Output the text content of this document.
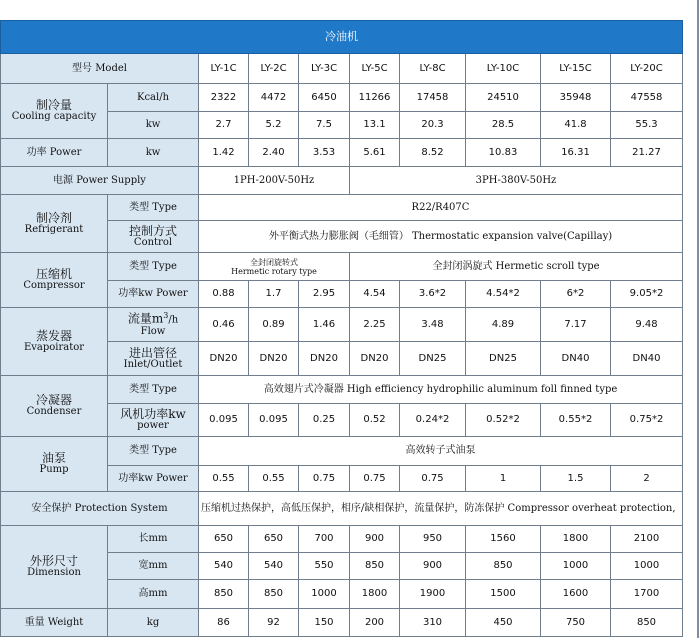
冷油机									
型号 Model		LY-1C	LY-2C	LY-3C	LY-5C	LY-8C	LY-10C	LY-15C	LY-20C

制冷量
Cooling capacity	Kcal/h	2322	4472	6450	11266	17458	24510	35948	47558
	kw	2.7	5.2	7.5	13.1	20.3	28.5	41.8	55.3
功率 Power	kw	1.42	2.40	3.53	5.61	8.52	10.83	16.31	21.27
电源 Power Supply		1PH-200V-50Hz			3PH-380V-50Hz				

制冷剂
Refrigerant	类型 Type	R22/R407C							

	控制方式
Control	外平衡式热力膨胀阀（毛细管） Thermostatic expansion valve(Capillay)							

压缩机
Compressor	类型 Type	全封闭旋转式
Hermetic rotary type			全封闭涡旋式 Hermetic scroll type				
	功率kw Power	0.88	1.7	2.95	4.54	3.6*2	4.54*2	6*2	9.05*2

蒸发器
Evapoirator	流量$m^3/h$
Flow	0.46	0.89	1.46	2.25	3.48	4.89	7.17	9.48

	进出管径
Inlet/Outlet	DN20	DN20	DN20	DN20	DN25	DN25	DN40	DN40

冷凝器
Condenser	类型 Type	高效翅片式冷凝器 High efficiency hydrophilic aluminum foll finned type							

	风机功率kw
power	0.095	0.095	0.25	0.52	0.24*2	0.52*2	0.55*2	0.75*2

油泵
Pump	类型 Type	高效转子式油泵							
	功率kw Power	0.55	0.55	0.75	0.75	0.75	1	1.5	2
安全保护 Protection System		压缩机过热保护，高低压保护，相序/缺相保护，流量保护，防冻保护 Compressor overheat protection,							

外形尺寸
Dimension	长mm	650	650	700	900	950	1560	1800	2100
	宽mm	540	540	550	850	900	850	1000	1000
	高mm	850	850	1000	1800	1900	1500	1600	1700
重量 Weight	kg	86	92	150	200	310	450	750	850
